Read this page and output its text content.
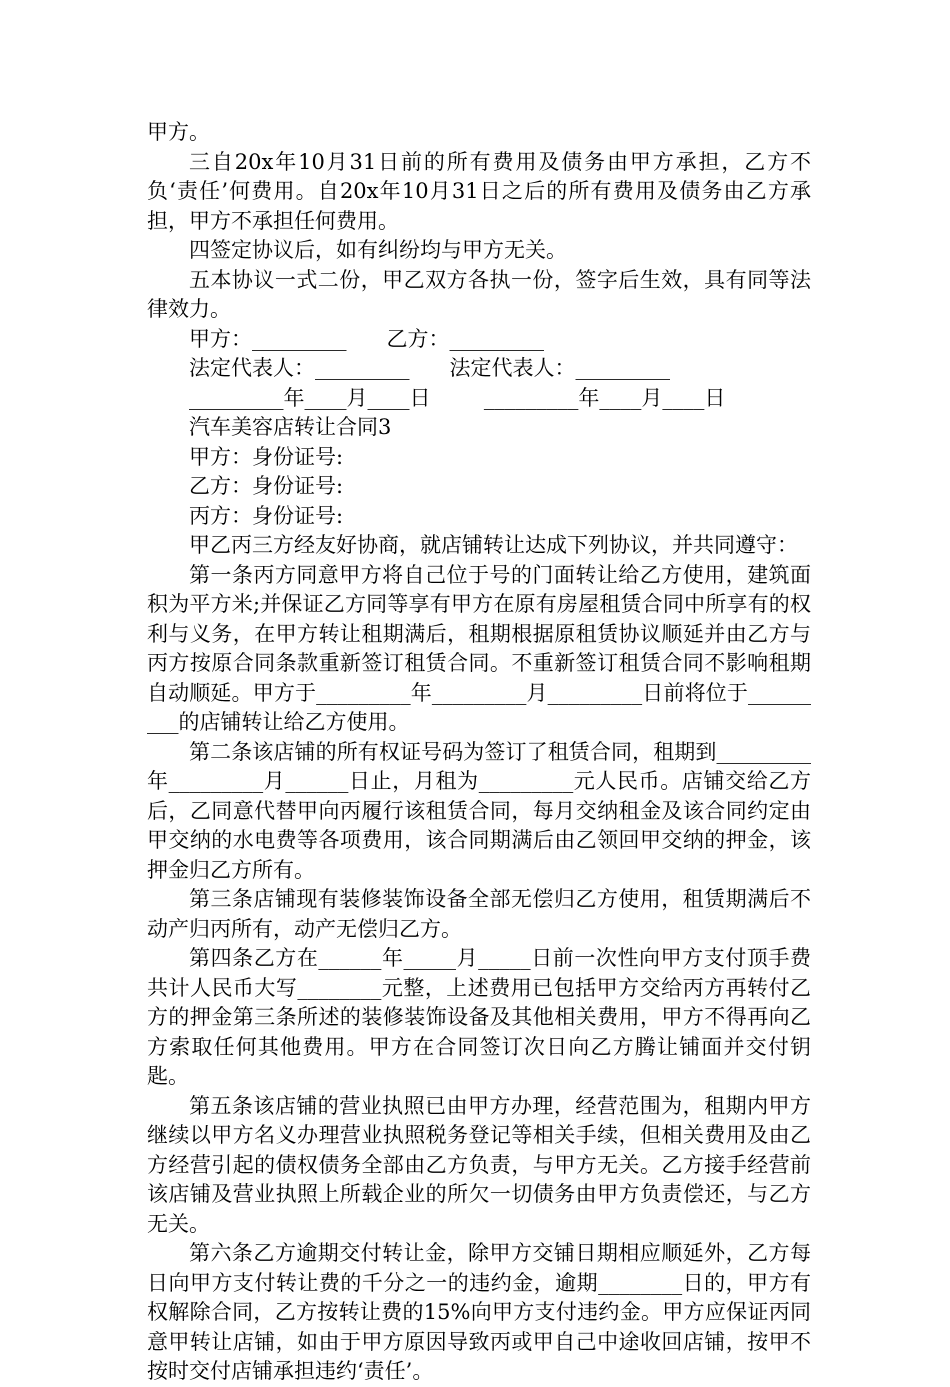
甲方。

三自20x年10月31日前的所有费用及债务由甲方承担，乙方不负‘责任’何费用。自20x年10月31日之后的所有费用及债务由乙方承担，甲方不承担任何费用。

四签定协议后，如有纠纷均与甲方无关。

五本协议一式二份，甲乙双方各执一份，签字后生效，具有同等法律效力。

甲方：_________      乙方：_________

法定代表人：_________      法定代表人：_________

_________年____月____日        _________年____月____日

汽车美容店转让合同3

甲方：身份证号:

乙方：身份证号:

丙方：身份证号:

甲乙丙三方经友好协商，就店铺转让达成下列协议，并共同遵守：

第一条丙方同意甲方将自己位于号的门面转让给乙方使用，建筑面积为平方米;并保证乙方同等享有甲方在原有房屋租赁合同中所享有的权利与义务，在甲方转让租期满后，租期根据原租赁协议顺延并由乙方与丙方按原合同条款重新签订租赁合同。不重新签订租赁合同不影响租期自动顺延。甲方于_________年_________月_________日前将位于_________的店铺转让给乙方使用。

第二条该店铺的所有权证号码为签订了租赁合同，租期到_________年_________月______日止，月租为_________元人民币。店铺交给乙方后，乙同意代替甲向丙履行该租赁合同，每月交纳租金及该合同约定由甲交纳的水电费等各项费用，该合同期满后由乙领回甲交纳的押金，该押金归乙方所有。

第三条店铺现有装修装饰设备全部无偿归乙方使用，租赁期满后不动产归丙所有，动产无偿归乙方。

第四条乙方在______年_____月_____日前一次性向甲方支付顶手费共计人民币大写________元整，上述费用已包括甲方交给丙方再转付乙方的押金第三条所述的装修装饰设备及其他相关费用，甲方不得再向乙方索取任何其他费用。甲方在合同签订次日向乙方腾让铺面并交付钥匙。

第五条该店铺的营业执照已由甲方办理，经营范围为，租期内甲方继续以甲方名义办理营业执照税务登记等相关手续，但相关费用及由乙方经营引起的债权债务全部由乙方负责，与甲方无关。乙方接手经营前该店铺及营业执照上所载企业的所欠一切债务由甲方负责偿还，与乙方无关。

第六条乙方逾期交付转让金，除甲方交铺日期相应顺延外，乙方每日向甲方支付转让费的千分之一的违约金，逾期________日的，甲方有权解除合同，乙方按转让费的15%向甲方支付违约金。甲方应保证丙同意甲转让店铺，如由于甲方原因导致丙或甲自己中途收回店铺，按甲不按时交付店铺承担违约‘责任’。
